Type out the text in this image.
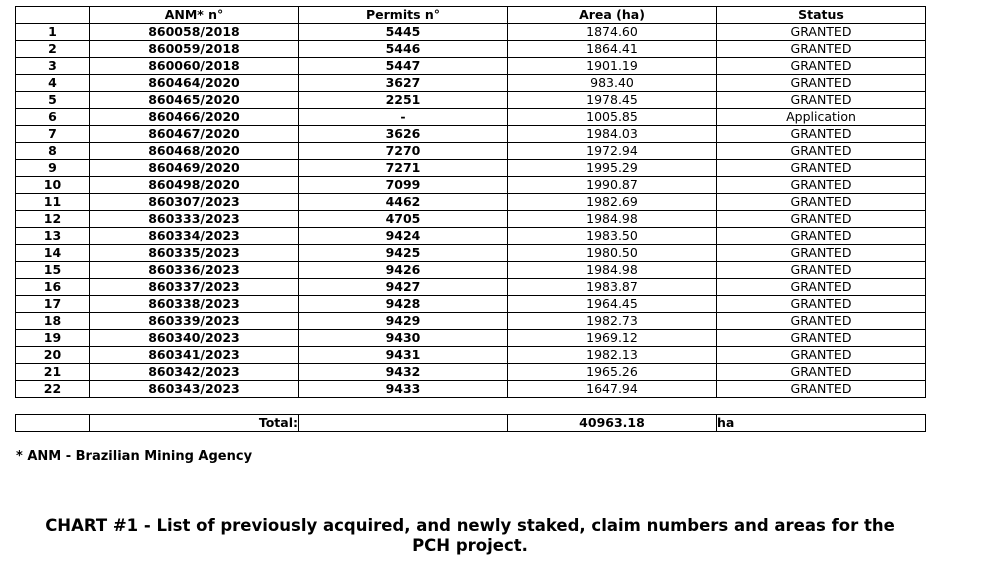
	ANM* n°	Permits n°	Area (ha)	Status
1	860058/2018	5445	1874.60	GRANTED
2	860059/2018	5446	1864.41	GRANTED
3	860060/2018	5447	1901.19	GRANTED
4	860464/2020	3627	983.40	GRANTED
5	860465/2020	2251	1978.45	GRANTED
6	860466/2020	-	1005.85	Application
7	860467/2020	3626	1984.03	GRANTED
8	860468/2020	7270	1972.94	GRANTED
9	860469/2020	7271	1995.29	GRANTED
10	860498/2020	7099	1990.87	GRANTED
11	860307/2023	4462	1982.69	GRANTED
12	860333/2023	4705	1984.98	GRANTED
13	860334/2023	9424	1983.50	GRANTED
14	860335/2023	9425	1980.50	GRANTED
15	860336/2023	9426	1984.98	GRANTED
16	860337/2023	9427	1983.87	GRANTED
17	860338/2023	9428	1964.45	GRANTED
18	860339/2023	9429	1982.73	GRANTED
19	860340/2023	9430	1969.12	GRANTED
20	860341/2023	9431	1982.13	GRANTED
21	860342/2023	9432	1965.26	GRANTED
22	860343/2023	9433	1647.94	GRANTED
	Total:		40963.18	ha
* ANM - Brazilian Mining Agency
CHART #1 - List of previously acquired, and newly staked, claim numbers and areas for the PCH project.
